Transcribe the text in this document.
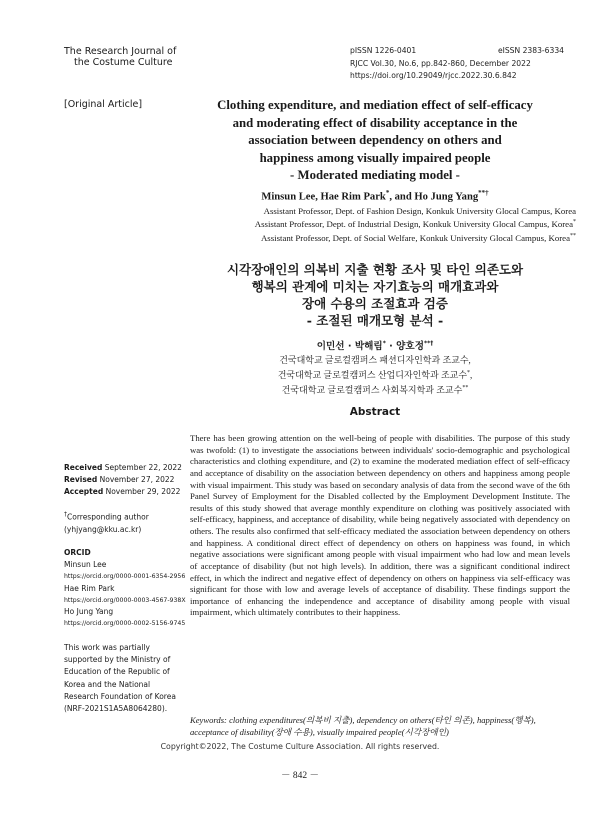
The Research Journal of
the Costume Culture
pISSN 1226-0401	eISSN 2383-6334
RJCC Vol.30, No.6, pp.842-860, December 2022
https://doi.org/10.29049/rjcc.2022.30.6.842
[Original Article]	Clothing expenditure, and mediation effect of self-efficacy
and moderating effect of disability acceptance in the
association between dependency on others and
happiness among visually impaired people
- Moderated mediating model -
Minsun Lee, Hae Rim Park*, and Ho Jung Yang**†
Assistant Professor, Dept. of Fashion Design, Konkuk University Glocal Campus, Korea
Assistant Professor, Dept. of Industrial Design, Konkuk University Glocal Campus, Korea*
Assistant Professor, Dept. of Social Welfare, Konkuk University Glocal Campus, Korea**
시각장애인의 의복비 지출 현황 조사 및 타인 의존도와
행복의 관계에 미치는 자기효능의 매개효과와
장애 수용의 조절효과 검증
- 조절된 매개모형 분석 -
이민선 · 박해림* · 양호정**†
건국대학교 글로컬캠퍼스 패션디자인학과 조교수,
건국대학교 글로컬캠퍼스 산업디자인학과 조교수*,
건국대학교 글로컬캠퍼스 사회복지학과 조교수**
Abstract
There has been growing attention on the well-being of people with disabilities. The purpose of this study was twofold: (1) to investigate the associations between individuals' socio-demographic and psychological characteristics and clothing expenditure, and (2) to examine the moderated mediation effect of self-efficacy and acceptance of disability on the association between dependency on others and happiness among people with visual impairment. This study was based on secondary analysis of data from the second wave of the 6th Panel Survey of Employment for the Disabled collected by the Employment Development Institute. The results of this study showed that average monthly expenditure on clothing was positively associated with self-efficacy, happiness, and acceptance of disability, while being negatively associated with dependency on others. The results also confirmed that self-efficacy mediated the association between dependency on others and happiness. A conditional direct effect of dependency on others on happiness was found, in which negative associations were significant among people with visual impairment who had low and mean levels of acceptance of disability (but not high levels). In addition, there was a significant conditional indirect effect, in which the indirect and negative effect of dependency on others on happiness via self-efficacy was significant for those with low and average levels of acceptance of disability. These findings support the importance of enhancing the independence and acceptance of disability among people with visual impairment, which ultimately contributes to their happiness.
Keywords: clothing expenditures(의복비 지출), dependency on others(타인 의존), happiness(행복), acceptance of disability(장애 수용), visually impaired people(시각장애인)
Received September 22, 2022
Revised November 27, 2022
Accepted November 29, 2022
†Corresponding author
(yhjyang@kku.ac.kr)
ORCID
Minsun Lee
https://orcid.org/0000-0001-6354-2956
Hae Rim Park
https://orcid.org/0000-0003-4567-938X
Ho Jung Yang
https://orcid.org/0000-0002-5156-9745
This work was partially
supported by the Ministry of
Education of the Republic of
Korea and the National
Research Foundation of Korea
(NRF-2021S1A5A8064280).
Copyright©2022, The Costume Culture Association. All rights reserved.
－ 842 －
